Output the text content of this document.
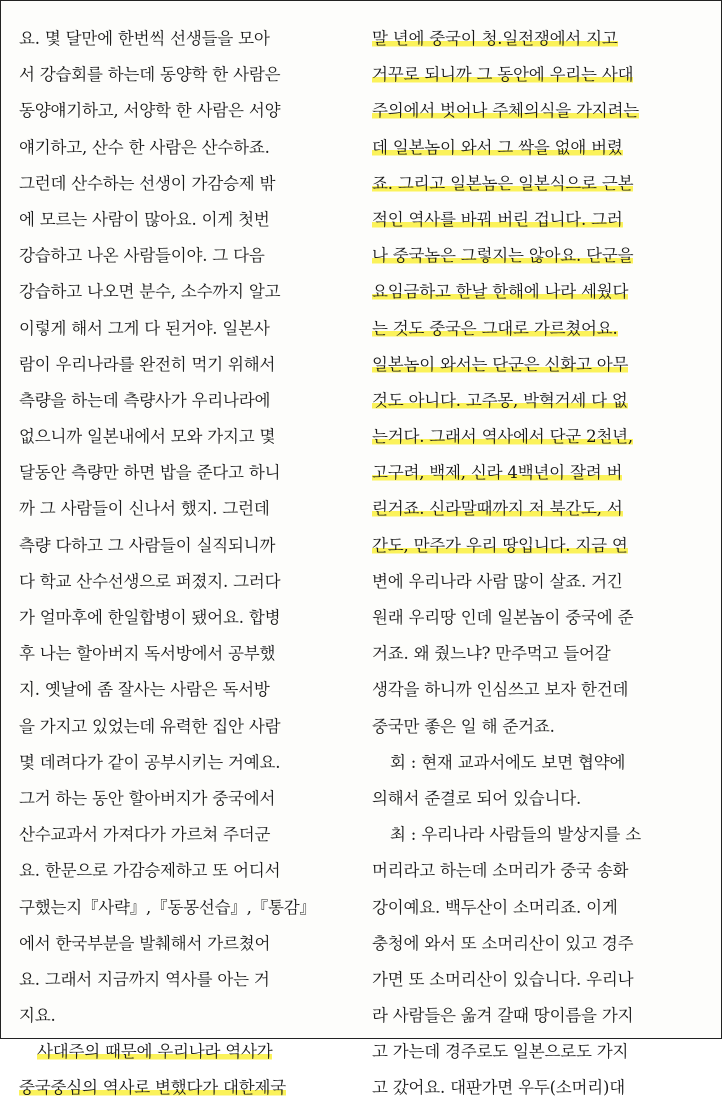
요. 몇 달만에 한번씩 선생들을 모아
서 강습회를 하는데 동양학 한 사람은
동양얘기하고, 서양학 한 사람은 서양
얘기하고, 산수 한 사람은 산수하죠.
그런데 산수하는 선생이 가감승제 밖
에 모르는 사람이 많아요. 이게 첫번
강습하고 나온 사람들이야. 그 다음
강습하고 나오면 분수, 소수까지 알고
이렇게 해서 그게 다 된거야. 일본사
람이 우리나라를 완전히 먹기 위해서
측량을 하는데 측량사가 우리나라에
없으니까 일본내에서 모와 가지고 몇
달동안 측량만 하면 밥을 준다고 하니
까 그 사람들이 신나서 했지. 그런데
측량 다하고 그 사람들이 실직되니까
다 학교 산수선생으로 퍼졌지. 그러다
가 얼마후에 한일합병이 됐어요. 합병
후 나는 할아버지 독서방에서 공부했
지. 옛날에 좀 잘사는 사람은 독서방
을 가지고 있었는데 유력한 집안 사람
몇 데려다가 같이 공부시키는 거예요.
그거 하는 동안 할아버지가 중국에서
산수교과서 가져다가 가르쳐 주더군
요. 한문으로 가감승제하고 또 어디서
구했는지『사략』,『동몽선습』,『통감』
에서 한국부분을 발췌해서 가르쳤어
요. 그래서 지금까지 역사를 아는 거
지요.
사대주의 때문에 우리나라 역사가
중국중심의 역사로 변했다가 대한제국
말 년에 중국이 청.일전쟁에서 지고
거꾸로 되니까 그 동안에 우리는 사대
주의에서 벗어나 주체의식을 가지려는
데 일본놈이 와서 그 싹을 없애 버렸
죠. 그리고 일본놈은 일본식으로 근본
적인 역사를 바꿔 버린 겁니다. 그러
나 중국놈은 그렇지는 않아요. 단군을
요임금하고 한날 한해에 나라 세웠다
는 것도 중국은 그대로 가르쳤어요.
일본놈이 와서는 단군은 신화고 아무
것도 아니다. 고주몽, 박혁거세 다 없
는거다. 그래서 역사에서 단군 2천년,
고구려, 백제, 신라 4백년이 잘려 버
린거죠. 신라말때까지 저 북간도, 서
간도, 만주가 우리 땅입니다. 지금 연
변에 우리나라 사람 많이 살죠. 거긴
원래 우리땅 인데 일본놈이 중국에 준
거죠. 왜 줬느냐? 만주먹고 들어갈
생각을 하니까 인심쓰고 보자 한건데
중국만 좋은 일 해 준거죠.
회 : 현재 교과서에도 보면 협약에
의해서 준결로 되어 있습니다.
최 : 우리나라 사람들의 발상지를 소
머리라고 하는데 소머리가 중국 송화
강이예요. 백두산이 소머리죠. 이게
충청에 와서 또 소머리산이 있고 경주
가면 또 소머리산이 있습니다. 우리나
라 사람들은 옮겨 갈때 땅이름을 가지
고 가는데 경주로도 일본으로도 가지
고 갔어요. 대판가면 우두(소머리)대
